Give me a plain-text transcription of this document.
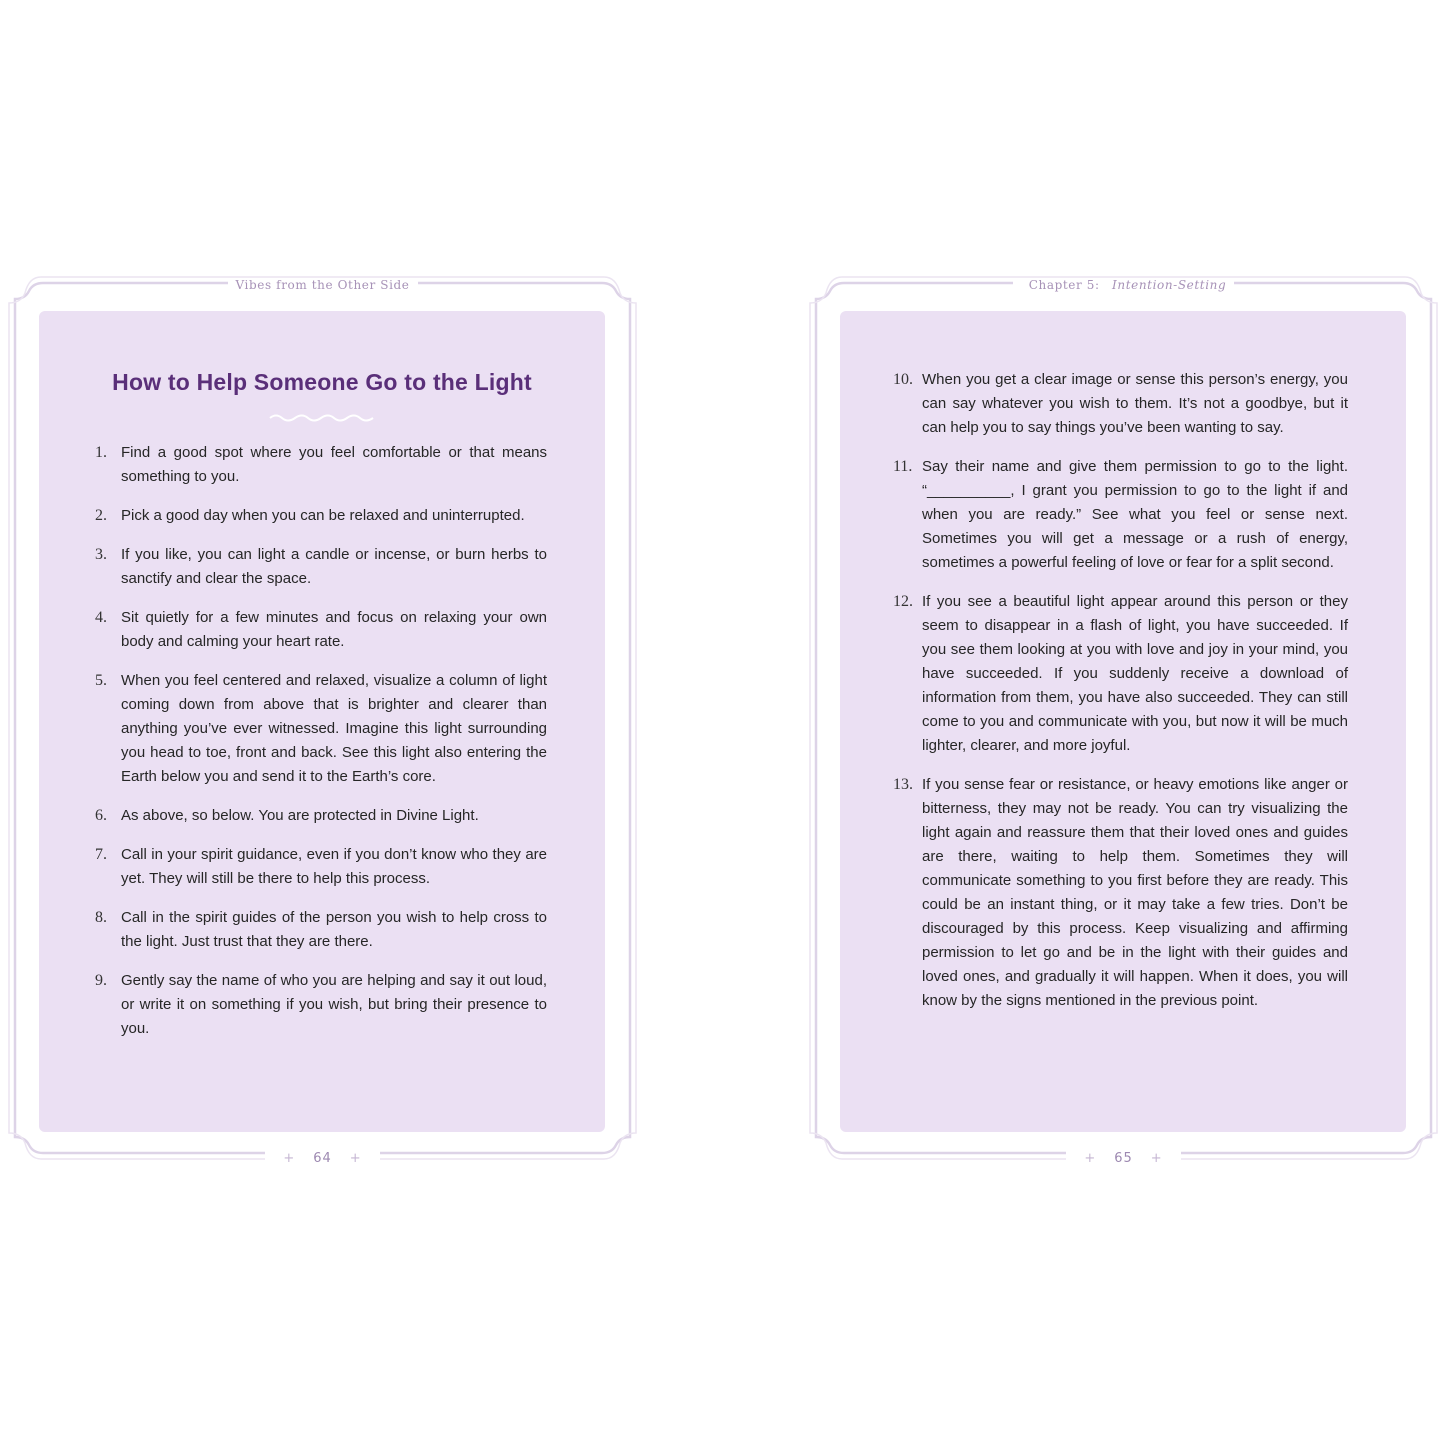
Vibes from the Other Side
How to Help Someone Go to the Light
1. Find a good spot where you feel comfortable or that means something to you.
2. Pick a good day when you can be relaxed and uninterrupted.
3. If you like, you can light a candle or incense, or burn herbs to sanctify and clear the space.
4. Sit quietly for a few minutes and focus on relaxing your own body and calming your heart rate.
5. When you feel centered and relaxed, visualize a column of light coming down from above that is brighter and clearer than anything you’ve ever witnessed. Imagine this light surrounding you head to toe, front and back. See this light also entering the Earth below you and send it to the Earth’s core.
6. As above, so below. You are protected in Divine Light.
7. Call in your spirit guidance, even if you don’t know who they are yet. They will still be there to help this process.
8. Call in the spirit guides of the person you wish to help cross to the light. Just trust that they are there.
9. Gently say the name of who you are helping and say it out loud, or write it on something if you wish, but bring their presence to you.
+ 64 +
Chapter 5: Intention-Setting
10. When you get a clear image or sense this person’s energy, you can say whatever you wish to them. It’s not a goodbye, but it can help you to say things you’ve been wanting to say.
11. Say their name and give them permission to go to the light. “__________, I grant you permission to go to the light if and when you are ready.” See what you feel or sense next. Sometimes you will get a message or a rush of energy, sometimes a powerful feeling of love or fear for a split second.
12. If you see a beautiful light appear around this person or they seem to disappear in a flash of light, you have succeeded. If you see them looking at you with love and joy in your mind, you have succeeded. If you suddenly receive a download of information from them, you have also succeeded. They can still come to you and communicate with you, but now it will be much lighter, clearer, and more joyful.
13. If you sense fear or resistance, or heavy emotions like anger or bitterness, they may not be ready. You can try visualizing the light again and reassure them that their loved ones and guides are there, waiting to help them. Sometimes they will communicate something to you first before they are ready. This could be an instant thing, or it may take a few tries. Don’t be discouraged by this process. Keep visualizing and affirming permission to let go and be in the light with their guides and loved ones, and gradually it will happen. When it does, you will know by the signs mentioned in the previous point.
+ 65 +
